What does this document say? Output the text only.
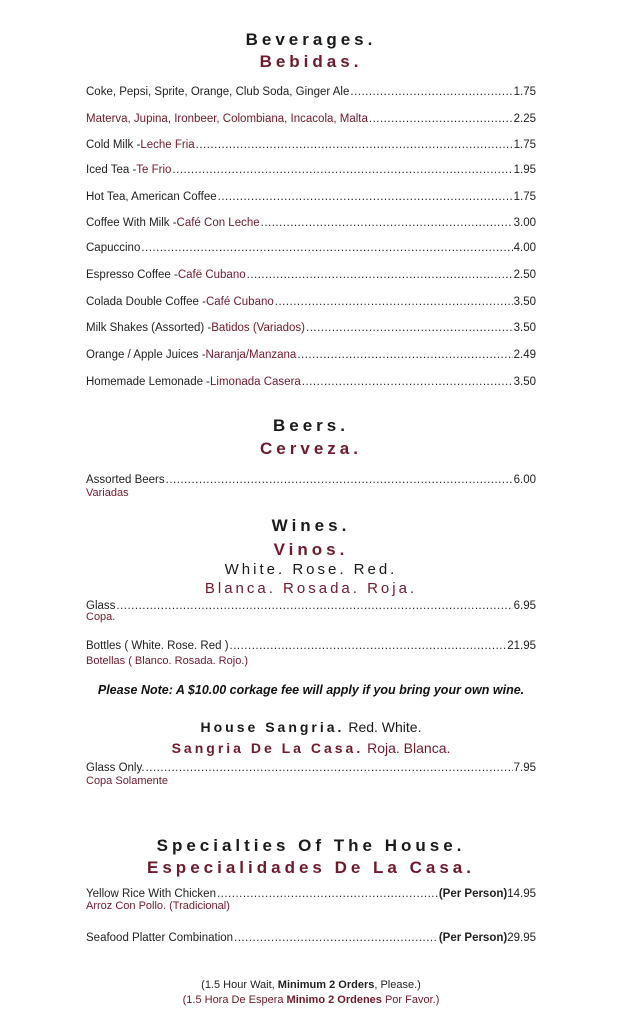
Beverages.
Bebidas.
Coke, Pepsi, Sprite, Orange, Club Soda, Ginger Ale .....	1.75
Materva, Jupina, Ironbeer, Colombiana, Incacola, Malta .....	2.25
Cold Milk - Leche Fria .....	1.75
Iced Tea - Te Frio .....	1.95
Hot Tea, American Coffee .....	1.75
Coffee With Milk - Café Con Leche .....	3.00
Capuccino .....	4.00
Espresso Coffee - Cafë Cubano .....	2.50
Colada Double Coffee - Café Cubano .....	3.50
Milk Shakes (Assorted) - Batidos (Variados) .....	3.50
Orange / Apple Juices - Naranja/Manzana .....	2.49
Homemade Lemonade - Limonada Casera .....	3.50
Beers.
Cerveza.
Assorted Beers .....	6.00
Variadas
Wines.
Vinos.
White. Rose. Red.
Blanca. Rosada. Roja.
Glass .....	6.95
Copa.
Bottles ( White. Rose. Red ) .....	21.95
Botellas ( Blanco. Rosada. Rojo.)
Please Note: A $10.00 corkage fee will apply if you bring your own wine.
House Sangria. Red. White.
Sangria De La Casa. Roja. Blanca.
Glass Only. .....	7.95
Copa Solamente
Specialties Of The House.
Especialidades De La Casa.
Yellow Rice With Chicken .....	(Per Person) 14.95
Arroz Con Pollo. (Tradicional)
Seafood Platter Combination .....	(Per Person) 29.95
(1.5 Hour Wait, Minimum 2 Orders, Please.)
(1.5 Hora De Espera Minimo 2 Ordenes Por Favor.)
